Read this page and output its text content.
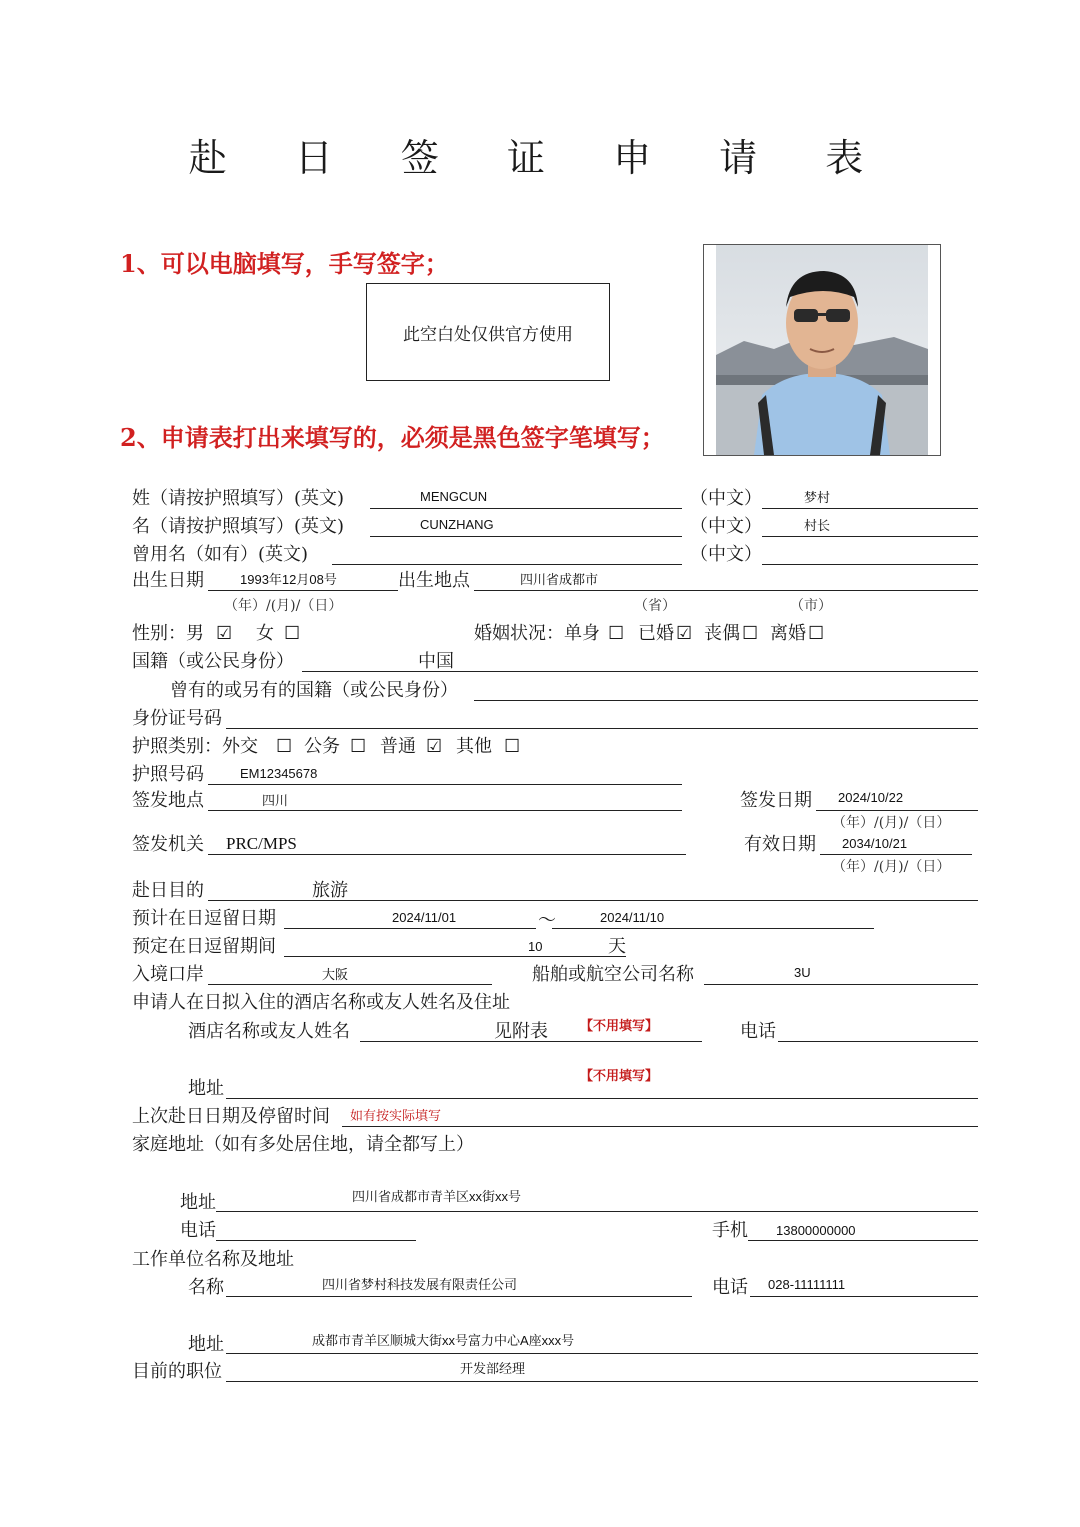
赴 日 签 证 申 请 表
1、可以电脑填写，手写签字；
2、申请表打出来填写的，必须是黑色签字笔填写；
此空白处仅供官方使用
姓（请按护照填写）(英文)	MENGCUN	（中文）	梦村
名（请按护照填写）(英文)	CUNZHANG	（中文）	村长
曾用名（如有）(英文)	（中文）
出生日期	1993年12月08号	出生地点	四川省成都市
（年）/(月)/（日）	（省）	（市）
性别：男 ☑ 女 ☐	婚姻状况：单身 ☐ 已婚 ☑ 丧偶 ☐ 离婚 ☐
国籍（或公民身份）	中国
曾有的或另有的国籍（或公民身份）
身份证号码
护照类别：外交 ☐ 公务 ☐ 普通 ☑ 其他 ☐
护照号码	EM12345678
签发地点	四川	签发日期 2024/10/22
（年）/(月)/（日）
签发机关 PRC/MPS	有效日期 2034/10/21
（年）/(月)/（日）
赴日目的	旅游
预计在日逗留日期	2024/11/01	～	2024/11/10
预定在日逗留期间	10	天
入境口岸	大阪	船舶或航空公司名称	3U
申请人在日拟入住的酒店名称或友人姓名及住址
酒店名称或友人姓名	见附表 【不用填写】	电话
【不用填写】
地址
上次赴日日期及停留时间 如有按实际填写
家庭地址（如有多处居住地，请全都写上）
地址	四川省成都市青羊区xx街xx号
电话	手机 13800000000
工作单位名称及地址
名称	四川省梦村科技发展有限责任公司	电话 028-11111111
地址	成都市青羊区顺城大街xx号富力中心A座xxx号
目前的职位	开发部经理
